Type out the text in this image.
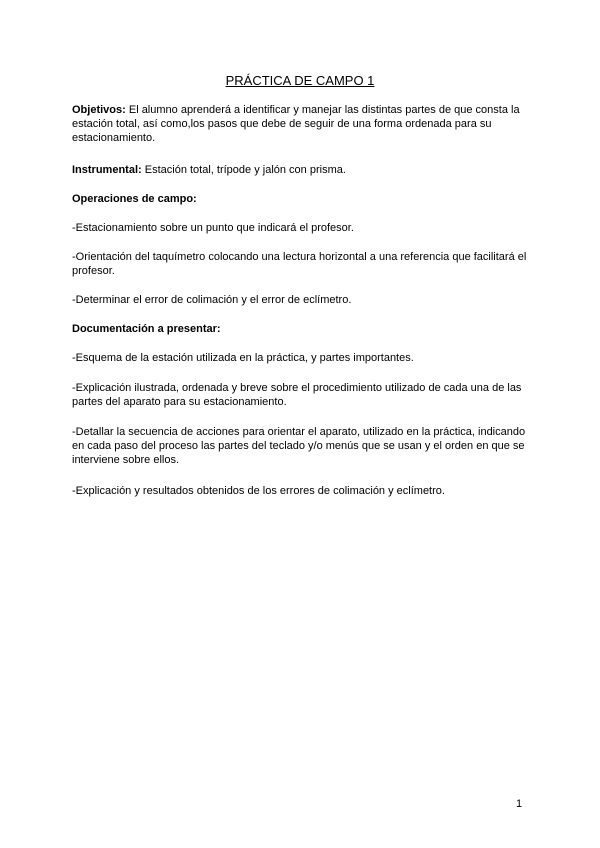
PRÁCTICA DE CAMPO 1

Objetivos: El alumno aprenderá a identificar y manejar las distintas partes de que consta la estación total, así como,los pasos que debe de seguir de una forma ordenada para su estacionamiento.

Instrumental: Estación total, trípode y jalón con prisma.

Operaciones de campo:

-Estacionamiento sobre un punto que indicará el profesor.

-Orientación del taquímetro colocando una lectura horizontal a una referencia que facilitará el profesor.

-Determinar el error de colimación y el error de eclímetro.

Documentación a presentar:

-Esquema de la estación utilizada en la práctica, y partes importantes.

-Explicación ilustrada, ordenada y breve sobre el procedimiento utilizado de cada una de las partes del aparato para su estacionamiento.

-Detallar la secuencia de acciones para orientar el aparato, utilizado en la práctica, indicando en cada paso del proceso las partes del teclado y/o menús que se usan y el orden en que se interviene sobre ellos.

-Explicación y resultados obtenidos de los errores de colimación y eclímetro.

1
